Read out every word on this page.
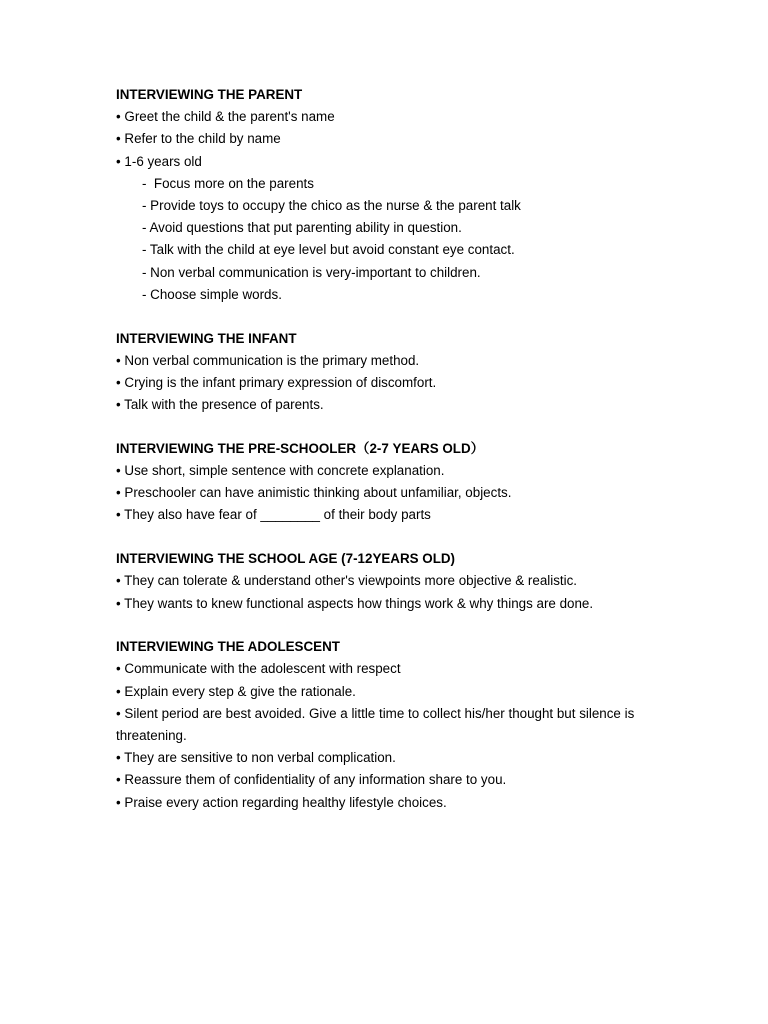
INTERVIEWING THE PARENT
• Greet the child & the parent's name
• Refer to the child by name
• 1-6 years old
-  Focus more on the parents
- Provide toys to occupy the chico as the nurse & the parent talk
- Avoid questions that put parenting ability in question.
- Talk with the child at eye level but avoid constant eye contact.
- Non verbal communication is very-important to children.
- Choose simple words.
INTERVIEWING THE INFANT
• Non verbal communication is the primary method.
• Crying is the infant primary expression of discomfort.
• Talk with the presence of parents.
INTERVIEWING THE PRE-SCHOOLER（2-7 YEARS OLD）
• Use short, simple sentence with concrete explanation.
• Preschooler can have animistic thinking about unfamiliar, objects.
• They also have fear of ________ of their body parts
INTERVIEWING THE SCHOOL AGE (7-12YEARS OLD)
• They can tolerate & understand other's viewpoints more objective & realistic.
• They wants to knew functional aspects how things work & why things are done.
INTERVIEWING THE ADOLESCENT
• Communicate with the adolescent with respect
• Explain every step & give the rationale.
• Silent period are best avoided. Give a little time to collect his/her thought but silence is threatening.
• They are sensitive to non verbal complication.
• Reassure them of confidentiality of any information share to you.
• Praise every action regarding healthy lifestyle choices.
